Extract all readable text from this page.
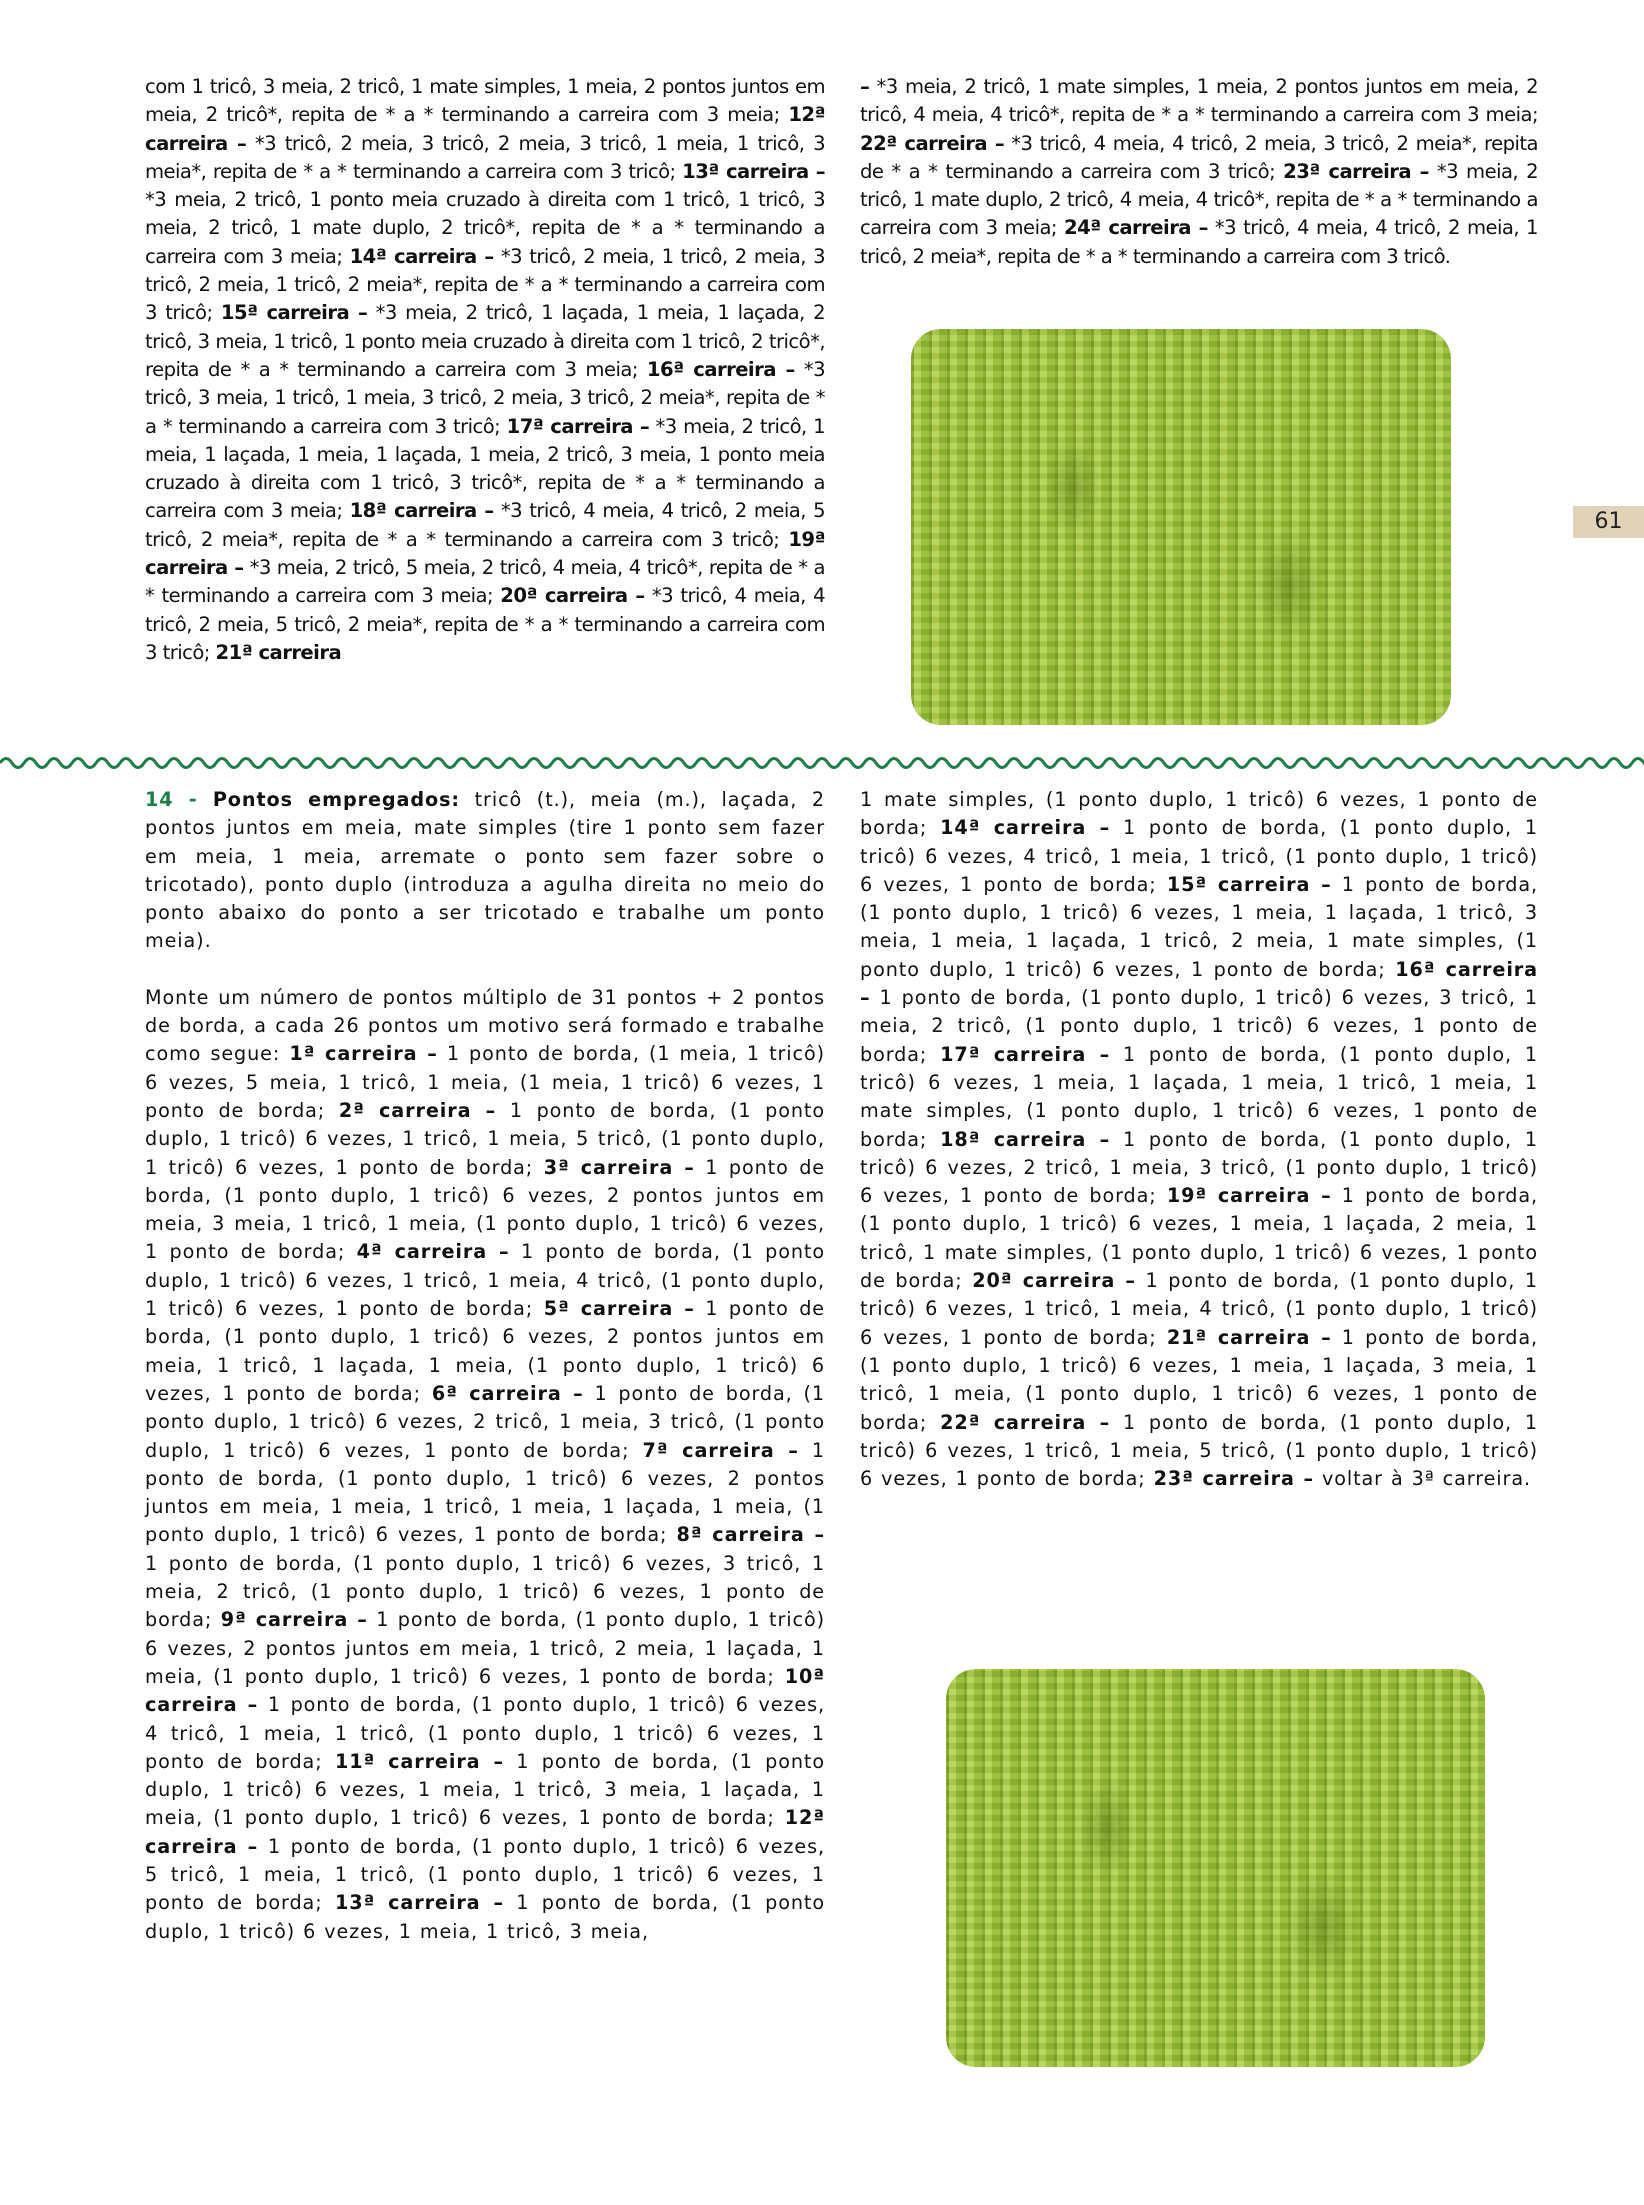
com 1 tricô, 3 meia, 2 tricô, 1 mate simples, 1 meia, 2 pontos juntos em meia, 2 tricô*, repita de * a * terminando a carreira com 3 meia; 12ª carreira – *3 tricô, 2 meia, 3 tricô, 2 meia, 3 tricô, 1 meia, 1 tricô, 3 meia*, repita de * a * terminando a carreira com 3 tricô; 13ª carreira – *3 meia, 2 tricô, 1 ponto meia cruzado à direita com 1 tricô, 1 tricô, 3 meia, 2 tricô, 1 mate duplo, 2 tricô*, repita de * a * terminando a carreira com 3 meia; 14ª carreira – *3 tricô, 2 meia, 1 tricô, 2 meia, 3 tricô, 2 meia, 1 tricô, 2 meia*, repita de * a * terminando a carreira com 3 tricô; 15ª carreira – *3 meia, 2 tricô, 1 laçada, 1 meia, 1 laçada, 2 tricô, 3 meia, 1 tricô, 1 ponto meia cruzado à direita com 1 tricô, 2 tricô*, repita de * a * terminando a carreira com 3 meia; 16ª carreira – *3 tricô, 3 meia, 1 tricô, 1 meia, 3 tricô, 2 meia, 3 tricô, 2 meia*, repita de * a * terminando a carreira com 3 tricô; 17ª carreira – *3 meia, 2 tricô, 1 meia, 1 laçada, 1 meia, 1 laçada, 1 meia, 2 tricô, 3 meia, 1 ponto meia cruzado à direita com 1 tricô, 3 tricô*, repita de * a * terminando a carreira com 3 meia; 18ª carreira – *3 tricô, 4 meia, 4 tricô, 2 meia, 5 tricô, 2 meia*, repita de * a * terminando a carreira com 3 tricô; 19ª carreira – *3 meia, 2 tricô, 5 meia, 2 tricô, 4 meia, 4 tricô*, repita de * a * terminando a carreira com 3 meia; 20ª carreira – *3 tricô, 4 meia, 4 tricô, 2 meia, 5 tricô, 2 meia*, repita de * a * terminando a carreira com 3 tricô; 21ª carreira
– *3 meia, 2 tricô, 1 mate simples, 1 meia, 2 pontos juntos em meia, 2 tricô, 4 meia, 4 tricô*, repita de * a * terminando a carreira com 3 meia; 22ª carreira – *3 tricô, 4 meia, 4 tricô, 2 meia, 3 tricô, 2 meia*, repita de * a * terminando a carreira com 3 tricô; 23ª carreira – *3 meia, 2 tricô, 1 mate duplo, 2 tricô, 4 meia, 4 tricô*, repita de * a * terminando a carreira com 3 meia; 24ª carreira – *3 tricô, 4 meia, 4 tricô, 2 meia, 1 tricô, 2 meia*, repita de * a * terminando a carreira com 3 tricô.
61
14 - Pontos empregados: tricô (t.), meia (m.), laçada, 2 pontos juntos em meia, mate simples (tire 1 ponto sem fazer em meia, 1 meia, arremate o ponto sem fazer sobre o tricotado), ponto duplo (introduza a agulha direita no meio do ponto abaixo do ponto a ser tricotado e trabalhe um ponto meia).
Monte um número de pontos múltiplo de 31 pontos + 2 pontos de borda, a cada 26 pontos um motivo será formado e trabalhe como segue: 1ª carreira – 1 ponto de borda, (1 meia, 1 tricô) 6 vezes, 5 meia, 1 tricô, 1 meia, (1 meia, 1 tricô) 6 vezes, 1 ponto de borda; 2ª carreira – 1 ponto de borda, (1 ponto duplo, 1 tricô) 6 vezes, 1 tricô, 1 meia, 5 tricô, (1 ponto duplo, 1 tricô) 6 vezes, 1 ponto de borda; 3ª carreira – 1 ponto de borda, (1 ponto duplo, 1 tricô) 6 vezes, 2 pontos juntos em meia, 3 meia, 1 tricô, 1 meia, (1 ponto duplo, 1 tricô) 6 vezes, 1 ponto de borda; 4ª carreira – 1 ponto de borda, (1 ponto duplo, 1 tricô) 6 vezes, 1 tricô, 1 meia, 4 tricô, (1 ponto duplo, 1 tricô) 6 vezes, 1 ponto de borda; 5ª carreira – 1 ponto de borda, (1 ponto duplo, 1 tricô) 6 vezes, 2 pontos juntos em meia, 1 tricô, 1 laçada, 1 meia, (1 ponto duplo, 1 tricô) 6 vezes, 1 ponto de borda; 6ª carreira – 1 ponto de borda, (1 ponto duplo, 1 tricô) 6 vezes, 2 tricô, 1 meia, 3 tricô, (1 ponto duplo, 1 tricô) 6 vezes, 1 ponto de borda; 7ª carreira – 1 ponto de borda, (1 ponto duplo, 1 tricô) 6 vezes, 2 pontos juntos em meia, 1 meia, 1 tricô, 1 meia, 1 laçada, 1 meia, (1 ponto duplo, 1 tricô) 6 vezes, 1 ponto de borda; 8ª carreira – 1 ponto de borda, (1 ponto duplo, 1 tricô) 6 vezes, 3 tricô, 1 meia, 2 tricô, (1 ponto duplo, 1 tricô) 6 vezes, 1 ponto de borda; 9ª carreira – 1 ponto de borda, (1 ponto duplo, 1 tricô) 6 vezes, 2 pontos juntos em meia, 1 tricô, 2 meia, 1 laçada, 1 meia, (1 ponto duplo, 1 tricô) 6 vezes, 1 ponto de borda; 10ª carreira – 1 ponto de borda, (1 ponto duplo, 1 tricô) 6 vezes, 4 tricô, 1 meia, 1 tricô, (1 ponto duplo, 1 tricô) 6 vezes, 1 ponto de borda; 11ª carreira – 1 ponto de borda, (1 ponto duplo, 1 tricô) 6 vezes, 1 meia, 1 tricô, 3 meia, 1 laçada, 1 meia, (1 ponto duplo, 1 tricô) 6 vezes, 1 ponto de borda; 12ª carreira – 1 ponto de borda, (1 ponto duplo, 1 tricô) 6 vezes, 5 tricô, 1 meia, 1 tricô, (1 ponto duplo, 1 tricô) 6 vezes, 1 ponto de borda; 13ª carreira – 1 ponto de borda, (1 ponto duplo, 1 tricô) 6 vezes, 1 meia, 1 tricô, 3 meia,
1 mate simples, (1 ponto duplo, 1 tricô) 6 vezes, 1 ponto de borda; 14ª carreira – 1 ponto de borda, (1 ponto duplo, 1 tricô) 6 vezes, 4 tricô, 1 meia, 1 tricô, (1 ponto duplo, 1 tricô) 6 vezes, 1 ponto de borda; 15ª carreira – 1 ponto de borda, (1 ponto duplo, 1 tricô) 6 vezes, 1 meia, 1 laçada, 1 tricô, 3 meia, 1 meia, 1 laçada, 1 tricô, 2 meia, 1 mate simples, (1 ponto duplo, 1 tricô) 6 vezes, 1 ponto de borda; 16ª carreira – 1 ponto de borda, (1 ponto duplo, 1 tricô) 6 vezes, 3 tricô, 1 meia, 2 tricô, (1 ponto duplo, 1 tricô) 6 vezes, 1 ponto de borda; 17ª carreira – 1 ponto de borda, (1 ponto duplo, 1 tricô) 6 vezes, 1 meia, 1 laçada, 1 meia, 1 tricô, 1 meia, 1 mate simples, (1 ponto duplo, 1 tricô) 6 vezes, 1 ponto de borda; 18ª carreira – 1 ponto de borda, (1 ponto duplo, 1 tricô) 6 vezes, 2 tricô, 1 meia, 3 tricô, (1 ponto duplo, 1 tricô) 6 vezes, 1 ponto de borda; 19ª carreira – 1 ponto de borda, (1 ponto duplo, 1 tricô) 6 vezes, 1 meia, 1 laçada, 2 meia, 1 tricô, 1 mate simples, (1 ponto duplo, 1 tricô) 6 vezes, 1 ponto de borda; 20ª carreira – 1 ponto de borda, (1 ponto duplo, 1 tricô) 6 vezes, 1 tricô, 1 meia, 4 tricô, (1 ponto duplo, 1 tricô) 6 vezes, 1 ponto de borda; 21ª carreira – 1 ponto de borda, (1 ponto duplo, 1 tricô) 6 vezes, 1 meia, 1 laçada, 3 meia, 1 tricô, 1 meia, (1 ponto duplo, 1 tricô) 6 vezes, 1 ponto de borda; 22ª carreira – 1 ponto de borda, (1 ponto duplo, 1 tricô) 6 vezes, 1 tricô, 1 meia, 5 tricô, (1 ponto duplo, 1 tricô) 6 vezes, 1 ponto de borda; 23ª carreira – voltar à 3ª carreira.
